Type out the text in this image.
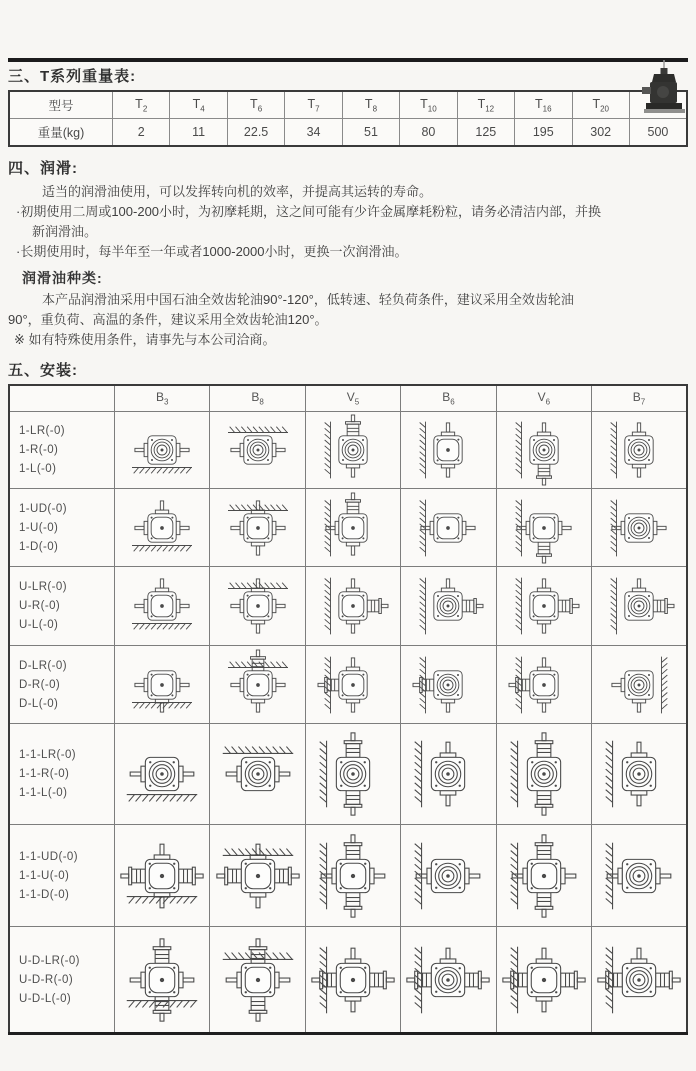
三、T系列重量表:
型号	$T_2$	$T_4$	$T_6$	$T_7$	$T_8$	$T_{10}$	$T_{12}$	$T_{16}$	$T_{20}$	
重量(kg)	2	11	22.5	34	51	80	125	195	302	500
四、润滑:
适当的润滑油使用，可以发挥转向机的效率，并提高其运转的寿命。
·初期使用二周或100-200小时，为初摩耗期，这之间可能有少许金属摩耗粉粒，请务必清洁内部，并换
新润滑油。
·长期使用时，每半年至一年或者1000-2000小时，更换一次润滑油。
润滑油种类:
本产品润滑油采用中国石油全效齿轮油90°-120°，低转速、轻负荷条件，建议采用全效齿轮油
90°，重负荷、高温的条件，建议采用全效齿轮油120°。
※ 如有特殊使用条件，请事先与本公司洽商。
五、安装:
	$B_3$	$B_8$	$V_5$	$B_6$	$V_6$	$B_7$

1-LR(-0)
1-R(-0)
1-L(-0)

1-UD(-0)
1-U(-0)
1-D(-0)

U-LR(-0)
U-R(-0)
U-L(-0)

D-LR(-0)
D-R(-0)
D-L(-0)

1-1-LR(-0)
1-1-R(-0)
1-1-L(-0)

1-1-UD(-0)
1-1-U(-0)
1-1-D(-0)

U-D-LR(-0)
U-D-R(-0)
U-D-L(-0)
